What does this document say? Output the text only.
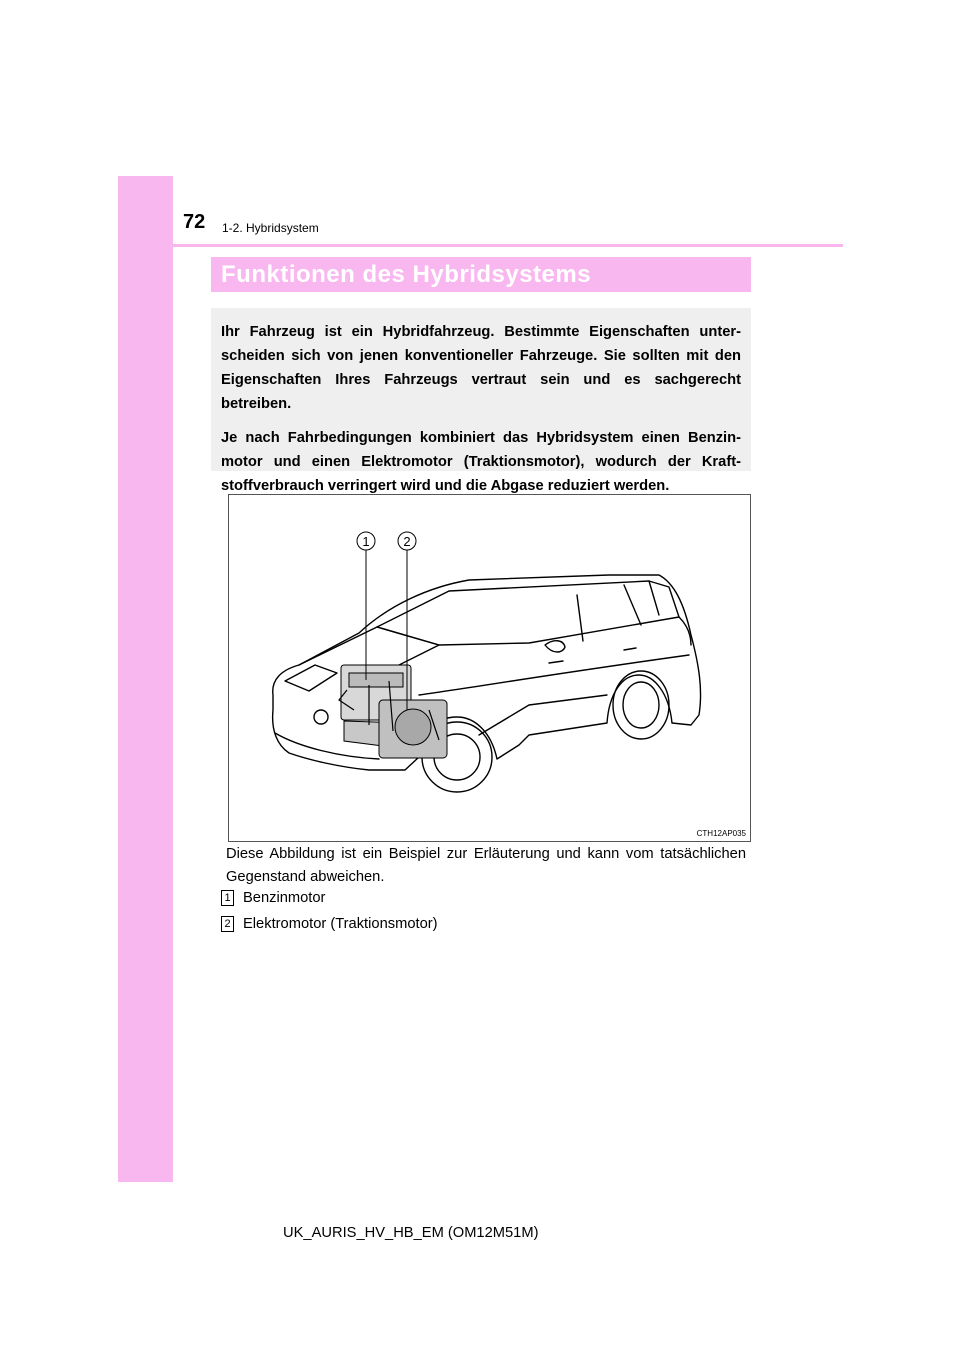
72 1-2. Hybridsystem
Funktionen des Hybridsystems

Ihr Fahrzeug ist ein Hybridfahrzeug. Bestimmte Eigenschaften unter-scheiden sich von jenen konventioneller Fahrzeuge. Sie sollten mit den Eigenschaften Ihres Fahrzeugs vertraut sein und es sachgerecht betreiben.

Je nach Fahrbedingungen kombiniert das Hybridsystem einen Benzin-motor und einen Elektromotor (Traktionsmotor), wodurch der Kraft-stoffverbrauch verringert wird und die Abgase reduziert werden.

1	2
CTH12AP035
Diese Abbildung ist ein Beispiel zur Erläuterung und kann vom tatsächlichen Gegenstand abweichen.
1 Benzinmotor
2 Elektromotor (Traktionsmotor)
UK_AURIS_HV_HB_EM (OM12M51M)
